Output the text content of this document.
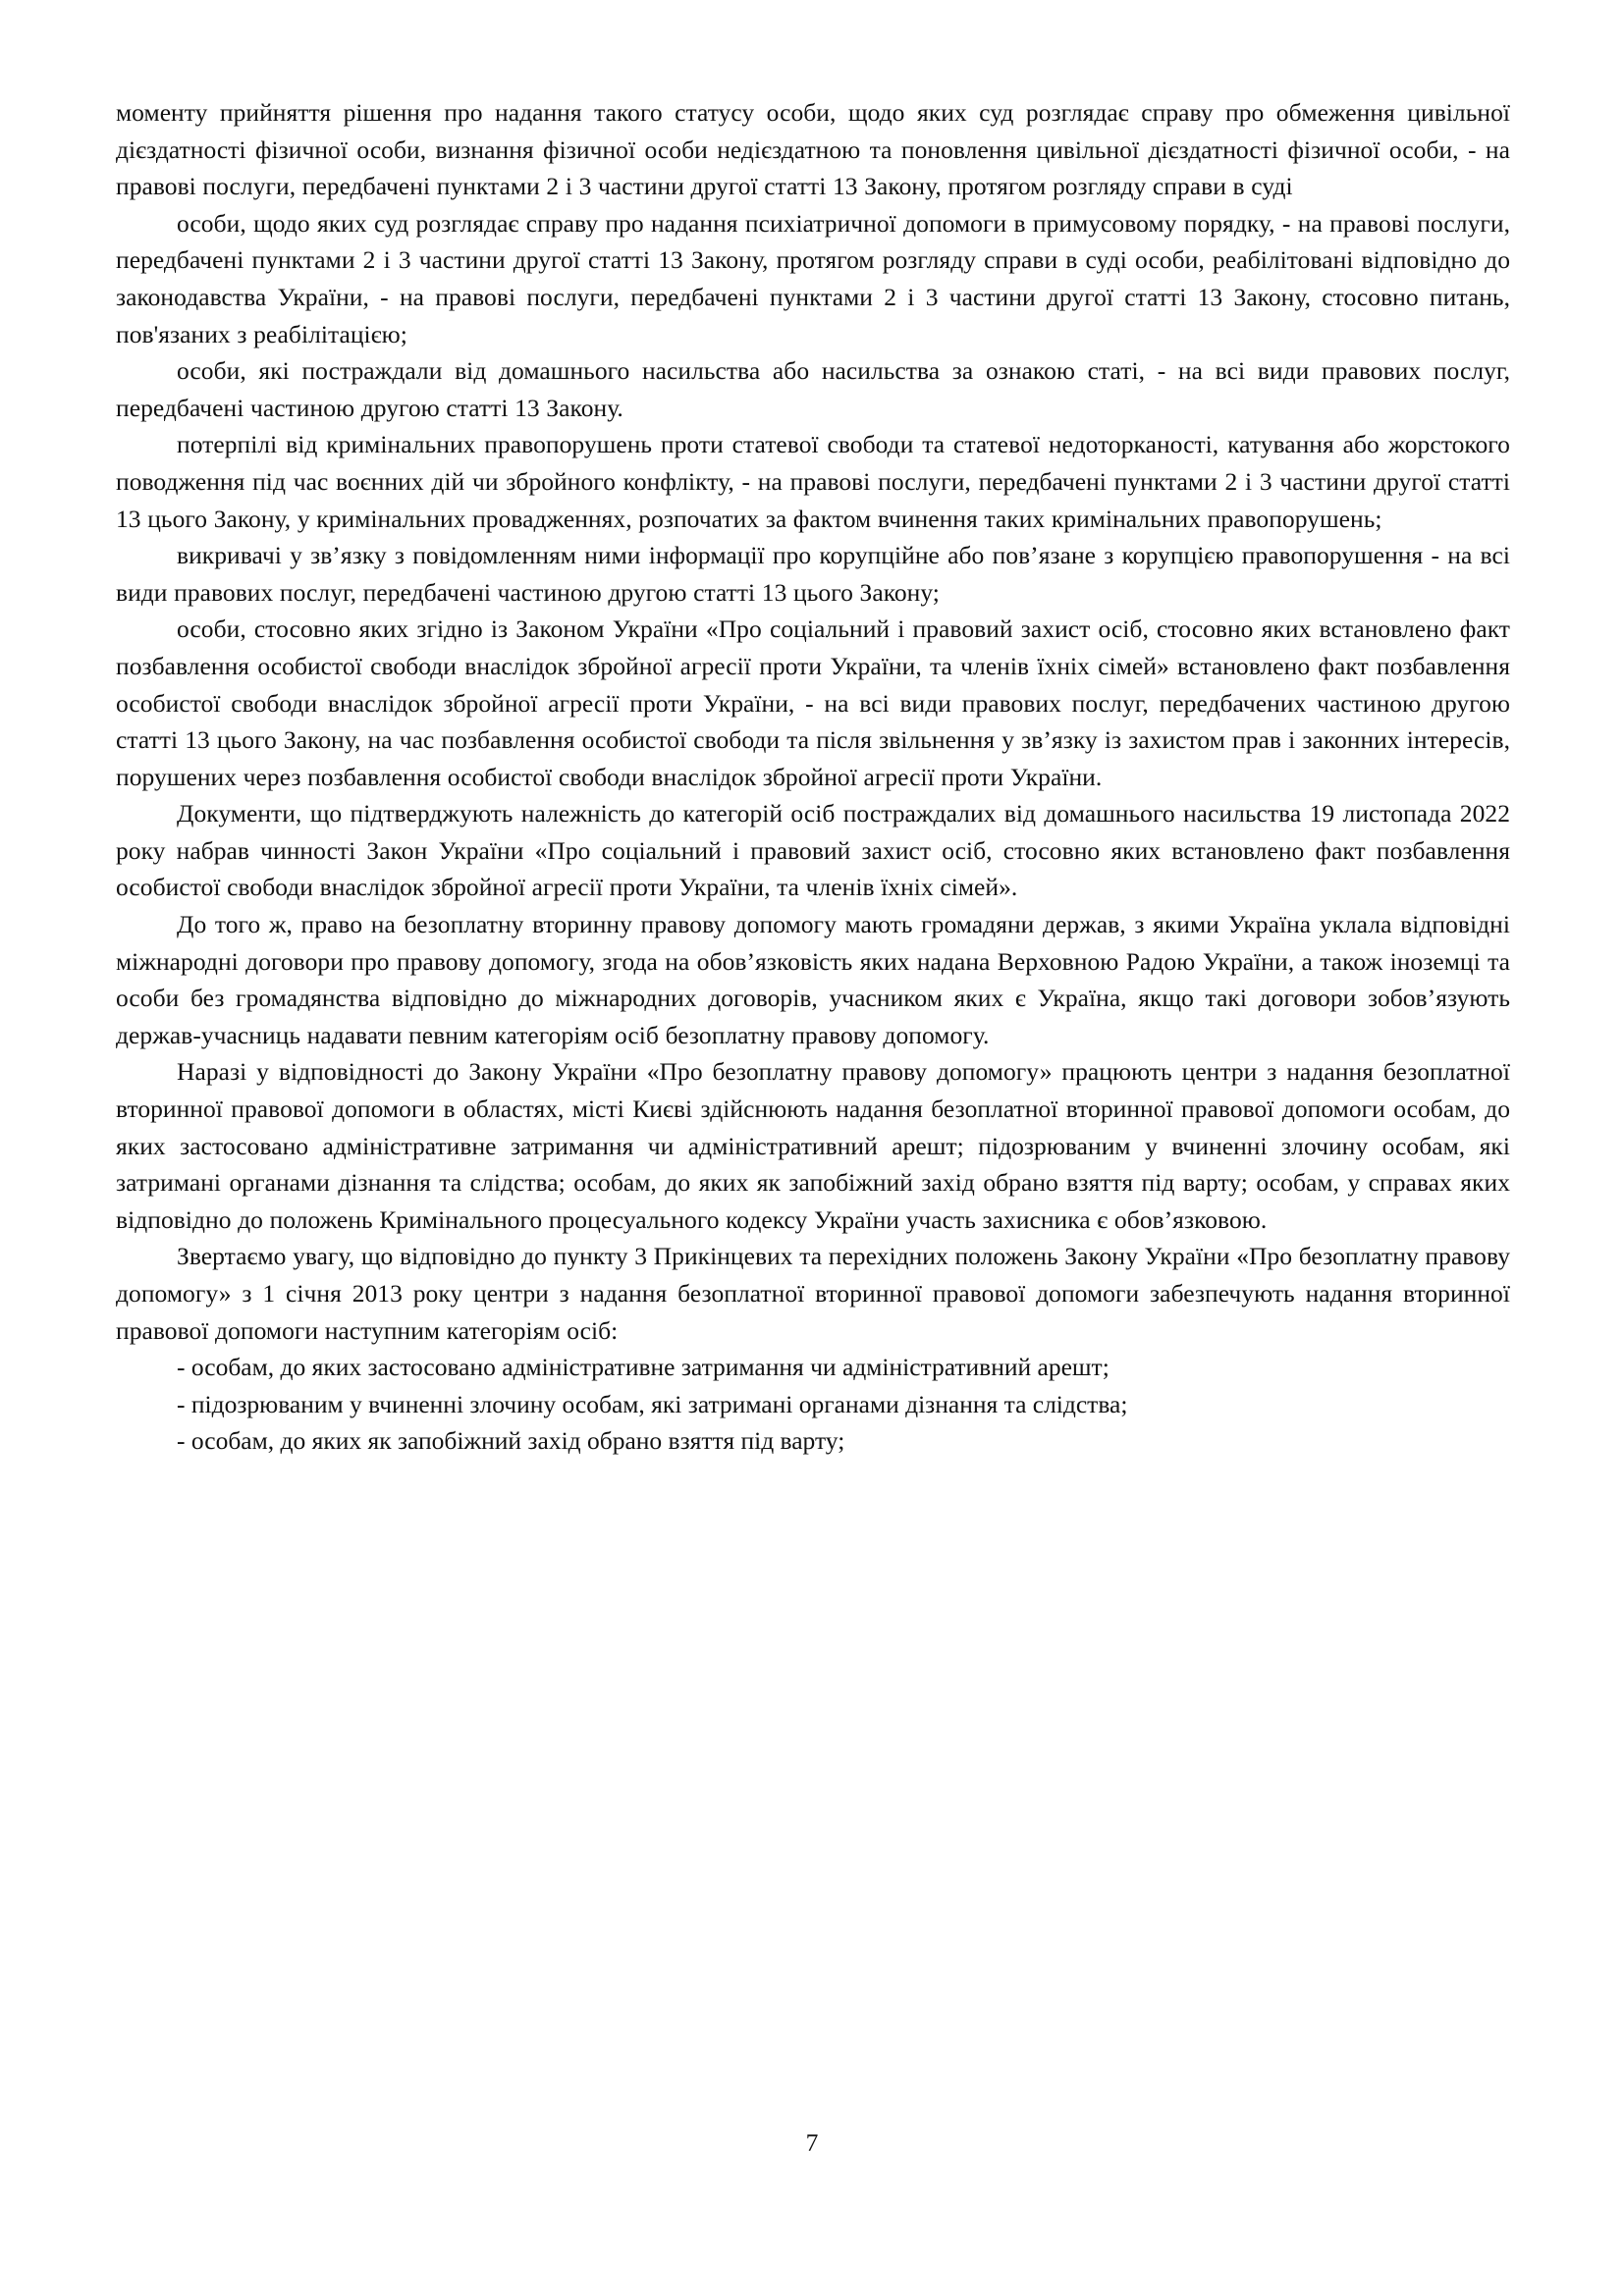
моменту прийняття рішення про надання такого статусу особи, щодо яких суд розглядає справу про обмеження цивільної дієздатності фізичної особи, визнання фізичної особи недієздатною та поновлення цивільної дієздатності фізичної особи, - на правові послуги, передбачені пунктами 2 і 3 частини другої статті 13 Закону, протягом розгляду справи в суді

особи, щодо яких суд розглядає справу про надання психіатричної допомоги в примусовому порядку, - на правові послуги, передбачені пунктами 2 і 3 частини другої статті 13 Закону, протягом розгляду справи в суді особи, реабілітовані відповідно до законодавства України, - на правові послуги, передбачені пунктами 2 і 3 частини другої статті 13 Закону, стосовно питань, пов'язаних з реабілітацією;

особи, які постраждали від домашнього насильства або насильства за ознакою статі, - на всі види правових послуг, передбачені частиною другою статті 13 Закону.

потерпілі від кримінальних правопорушень проти статевої свободи та статевої недоторканості, катування або жорстокого поводження під час воєнних дій чи збройного конфлікту, - на правові послуги, передбачені пунктами 2 і 3 частини другої статті 13 цього Закону, у кримінальних провадженнях, розпочатих за фактом вчинення таких кримінальних правопорушень;

викривачі у зв’язку з повідомленням ними інформації про корупційне або пов’язане з корупцією правопорушення - на всі види правових послуг, передбачені частиною другою статті 13 цього Закону;

особи, стосовно яких згідно із Законом України «Про соціальний і правовий захист осіб, стосовно яких встановлено факт позбавлення особистої свободи внаслідок збройної агресії проти України, та членів їхніх сімей» встановлено факт позбавлення особистої свободи внаслідок збройної агресії проти України, - на всі види правових послуг, передбачених частиною другою статті 13 цього Закону, на час позбавлення особистої свободи та після звільнення у зв’язку із захистом прав і законних інтересів, порушених через позбавлення особистої свободи внаслідок збройної агресії проти України.

Документи, що підтверджують належність до категорій осіб постраждалих від домашнього насильства 19 листопада 2022 року набрав чинності Закон України «Про соціальний і правовий захист осіб, стосовно яких встановлено факт позбавлення особистої свободи внаслідок збройної агресії проти України, та членів їхніх сімей».

До того ж, право на безоплатну вторинну правову допомогу мають громадяни держав, з якими Україна уклала відповідні міжнародні договори про правову допомогу, згода на обов’язковість яких надана Верховною Радою України, а також іноземці та особи без громадянства відповідно до міжнародних договорів, учасником яких є Україна, якщо такі договори зобов’язують держав-учасниць надавати певним категоріям осіб безоплатну правову допомогу.

Наразі у відповідності до Закону України «Про безоплатну правову допомогу» працюють центри з надання безоплатної вторинної правової допомоги в областях, місті Києві здійснюють надання безоплатної вторинної правової допомоги особам, до яких застосовано адміністративне затримання чи адміністративний арешт; підозрюваним у вчиненні злочину особам, які затримані органами дізнання та слідства; особам, до яких як запобіжний захід обрано взяття під варту; особам, у справах яких відповідно до положень Кримінального процесуального кодексу України участь захисника є обов’язковою.

Звертаємо увагу, що відповідно до пункту 3 Прикінцевих та перехідних положень Закону України «Про безоплатну правову допомогу» з 1 січня 2013 року центри з надання безоплатної вторинної правової допомоги забезпечують надання вторинної правової допомоги наступним категоріям осіб:

- особам, до яких застосовано адміністративне затримання чи адміністративний арешт;

- підозрюваним у вчиненні злочину особам, які затримані органами дізнання та слідства;

- особам, до яких як запобіжний захід обрано взяття під варту;

7
